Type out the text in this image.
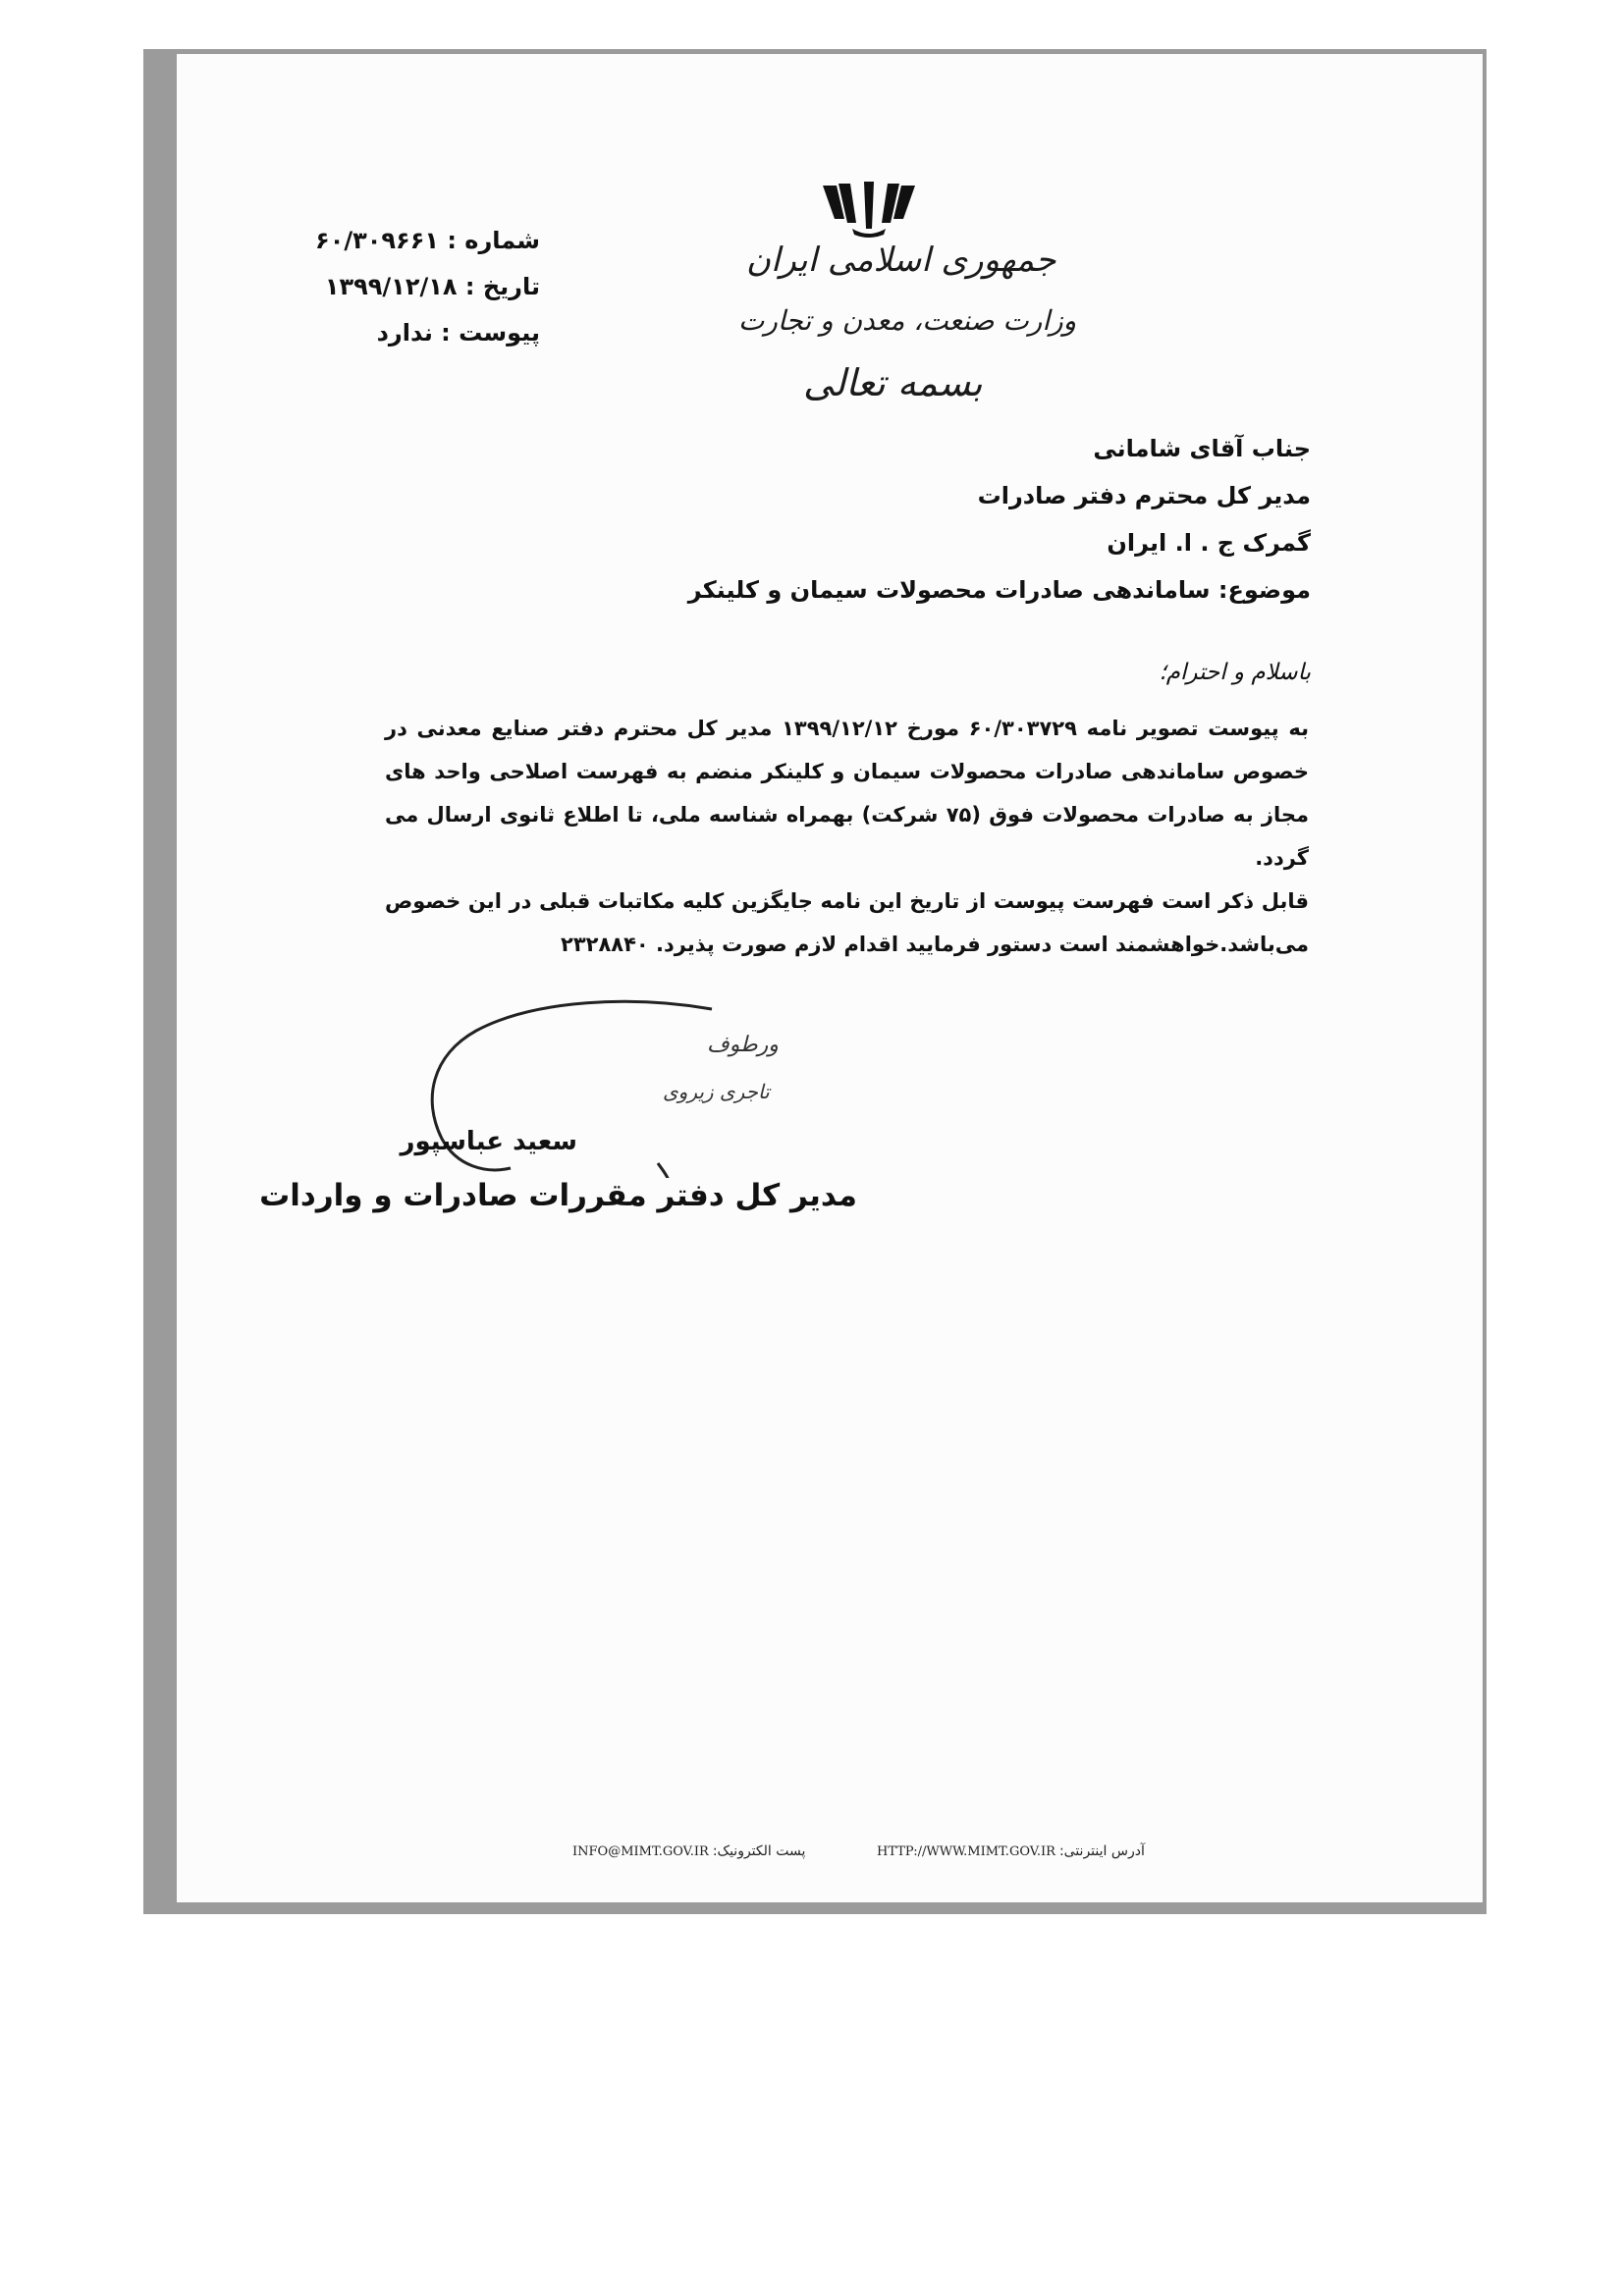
جمهوری اسلامی ایران
وزارت صنعت، معدن و تجارت
بسمه تعالی
شماره : ۶۰/۳۰۹۶۶۱
تاریخ : ۱۳۹۹/۱۲/۱۸
پیوست : ندارد
جناب آقای شامانی
مدیر کل محترم دفتر صادرات
گمرک ج . ا. ایران
موضوع: ساماندهی صادرات محصولات سیمان و کلینکر
باسلام و احترام؛

به پیوست تصویر نامه ۶۰/۳۰۳۷۲۹ مورخ ۱۳۹۹/۱۲/۱۲ مدیر کل محترم دفتر صنایع معدنی در خصوص ساماندهی صادرات محصولات سیمان و کلینکر منضم به فهرست اصلاحی واحد های مجاز به صادرات محصولات فوق (۷۵ شرکت) بهمراه شناسه ملی، تا اطلاع ثانوی ارسال می گردد.

قابل ذکر است فهرست پیوست از تاریخ این نامه جایگزین کلیه مکاتبات قبلی در این خصوص می‌باشد.خواهشمند است دستور فرمایید اقدام لازم صورت پذیرد. ۲۳۲۸۸۴۰

ورطوف
تاجری زیروی
سعید عباسپور
مدیر کل دفتر مقررات صادرات و واردات
HTTP://WWW.MIMT.GOV.IR آدرس اینترنتی:
INFO@MIMT.GOV.IR پست الکترونیک:
